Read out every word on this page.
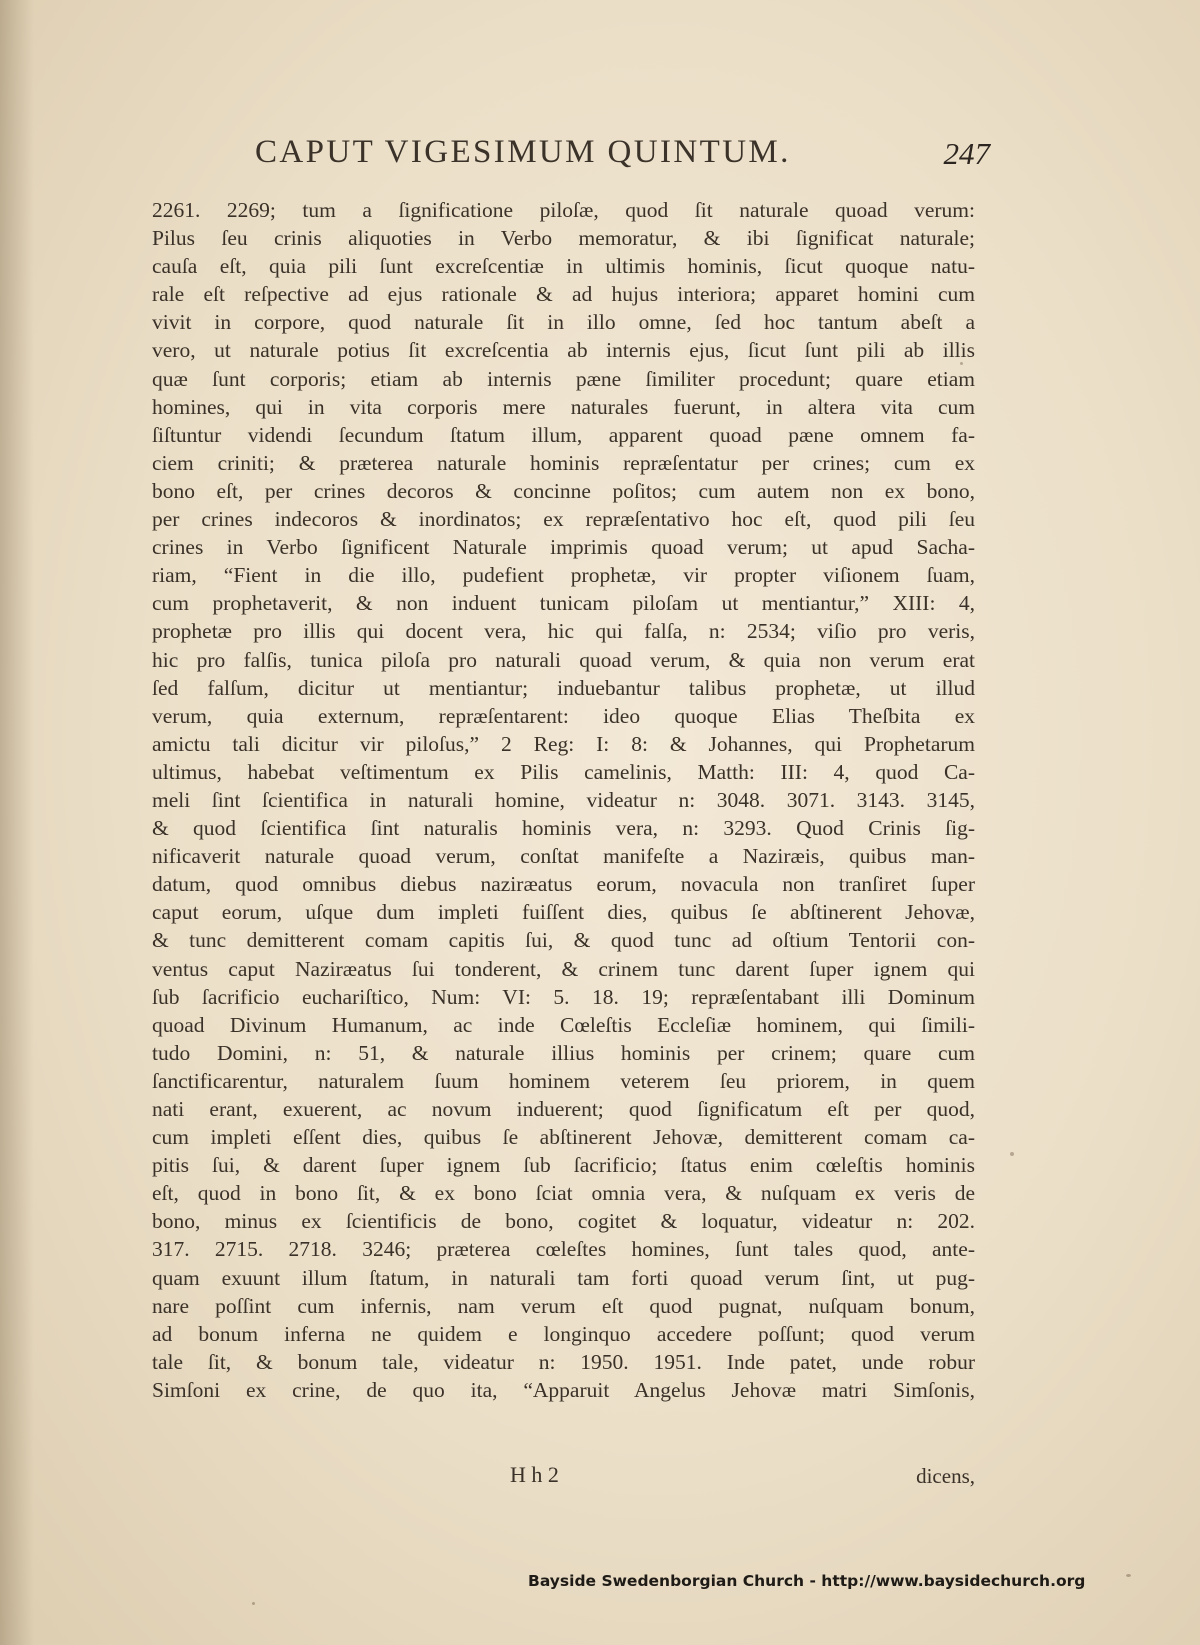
CAPUT VIGESIMUM QUINTUM.	247
2261. 2269; tum a ſignificatione piloſæ, quod ſit naturale quoad verum:
Pilus ſeu crinis aliquoties in Verbo memoratur, & ibi ſignificat naturale;
cauſa eſt, quia pili ſunt excreſcentiæ in ultimis hominis, ſicut quoque natu-
rale eſt reſpective ad ejus rationale & ad hujus interiora; apparet homini cum
vivit in corpore, quod naturale ſit in illo omne, ſed hoc tantum abeſt a
vero, ut naturale potius ſit excreſcentia ab internis ejus, ſicut ſunt pili ab illis
quæ ſunt corporis; etiam ab internis pæne ſimiliter procedunt; quare etiam
homines, qui in vita corporis mere naturales fuerunt, in altera vita cum
ſiſtuntur videndi ſecundum ſtatum illum, apparent quoad pæne omnem fa-
ciem criniti; & præterea naturale hominis repræſentatur per crines; cum ex
bono eſt, per crines decoros & concinne poſitos; cum autem non ex bono,
per crines indecoros & inordinatos; ex repræſentativo hoc eſt, quod pili ſeu
crines in Verbo ſignificent Naturale imprimis quoad verum; ut apud Sacha-
riam, “Fient in die illo, pudefient prophetæ, vir propter viſionem ſuam,
cum prophetaverit, & non induent tunicam piloſam ut mentiantur,” XIII: 4,
prophetæ pro illis qui docent vera, hic qui falſa, n: 2534; viſio pro veris,
hic pro falſis, tunica piloſa pro naturali quoad verum, & quia non verum erat
ſed falſum, dicitur ut mentiantur; induebantur talibus prophetæ, ut illud
verum, quia externum, repræſentarent: ideo quoque Elias Theſbita ex
amictu tali dicitur vir piloſus,” 2 Reg: I: 8: & Johannes, qui Prophetarum
ultimus, habebat veſtimentum ex Pilis camelinis, Matth: III: 4, quod Ca-
meli ſint ſcientifica in naturali homine, videatur n: 3048. 3071. 3143. 3145,
& quod ſcientifica ſint naturalis hominis vera, n: 3293. Quod Crinis ſig-
nificaverit naturale quoad verum, conſtat manifeſte a Naziræis, quibus man-
datum, quod omnibus diebus naziræatus eorum, novacula non tranſiret ſuper
caput eorum, uſque dum impleti fuiſſent dies, quibus ſe abſtinerent Jehovæ,
& tunc demitterent comam capitis ſui, & quod tunc ad oſtium Tentorii con-
ventus caput Naziræatus ſui tonderent, & crinem tunc darent ſuper ignem qui
ſub ſacrificio euchariſtico, Num: VI: 5. 18. 19; repræſentabant illi Dominum
quoad Divinum Humanum, ac inde Cœleſtis Eccleſiæ hominem, qui ſimili-
tudo Domini, n: 51, & naturale illius hominis per crinem; quare cum
ſanctificarentur, naturalem ſuum hominem veterem ſeu priorem, in quem
nati erant, exuerent, ac novum induerent; quod ſignificatum eſt per quod,
cum impleti eſſent dies, quibus ſe abſtinerent Jehovæ, demitterent comam ca-
pitis ſui, & darent ſuper ignem ſub ſacrificio; ſtatus enim cœleſtis hominis
eſt, quod in bono ſit, & ex bono ſciat omnia vera, & nuſquam ex veris de
bono, minus ex ſcientificis de bono, cogitet & loquatur, videatur n: 202.
317. 2715. 2718. 3246; præterea cœleſtes homines, ſunt tales quod, ante-
quam exuunt illum ſtatum, in naturali tam forti quoad verum ſint, ut pug-
nare poſſint cum infernis, nam verum eſt quod pugnat, nuſquam bonum,
ad bonum inferna ne quidem e longinquo accedere poſſunt; quod verum
tale ſit, & bonum tale, videatur n: 1950. 1951. Inde patet, unde robur
Simſoni ex crine, de quo ita, “Apparuit Angelus Jehovæ matri Simſonis,
H h 2	dicens,
Bayside Swedenborgian Church - http://www.baysidechurch.org
